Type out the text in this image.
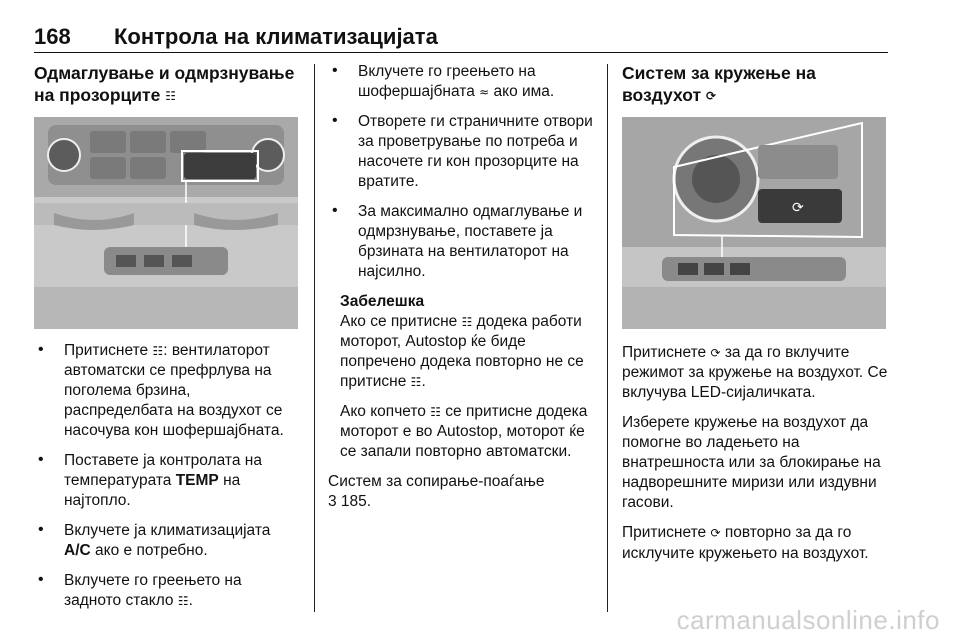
168 Контрола на климатизацијата
Одмаглување и одмрзнување
на прозорците ☷

• Притиснете ☷: вентилаторот автоматски се префрлува на поголема брзина, распределбата на воздухот се насочува кон шофершајбната.

• Поставете ја контролата на температурата TEMP на најтопло.

• Вклучете ја климатизацијата A/C ако е потребно.

• Вклучете го греењето на задното стакло ☷.

• Вклучете го греењето на шофершајбната ≈ ако има.

• Отворете ги страничните отвори за проветрување по потреба и насочете ги кон прозорците на вратите.

• За максимално одмаглување и одмрзнување, поставете ја брзината на вентилаторот на најсилно.

Забелешка

Ако се притисне ☷ додека работи моторот, Autostop ќе биде попречено додека повторно не се притисне ☷.

Ако копчето ☷ се притисне додека моторот е во Autostop, моторот ќе се запали повторно автоматски.

Систем за сопирање-поаѓање
3 185.

Систем за кружење на
воздухот ⟳
⟳

Притиснете ⟳ за да го вклучите режимот за кружење на воздухот. Се вклучува LED-сијаличката.

Изберете кружење на воздухот да помогне во ладењето на внатрешноста или за блокирање на надворешните миризи или издувни гасови.

Притиснете ⟳ повторно за да го исклучите кружењето на воздухот.

carmanualsonline.info
